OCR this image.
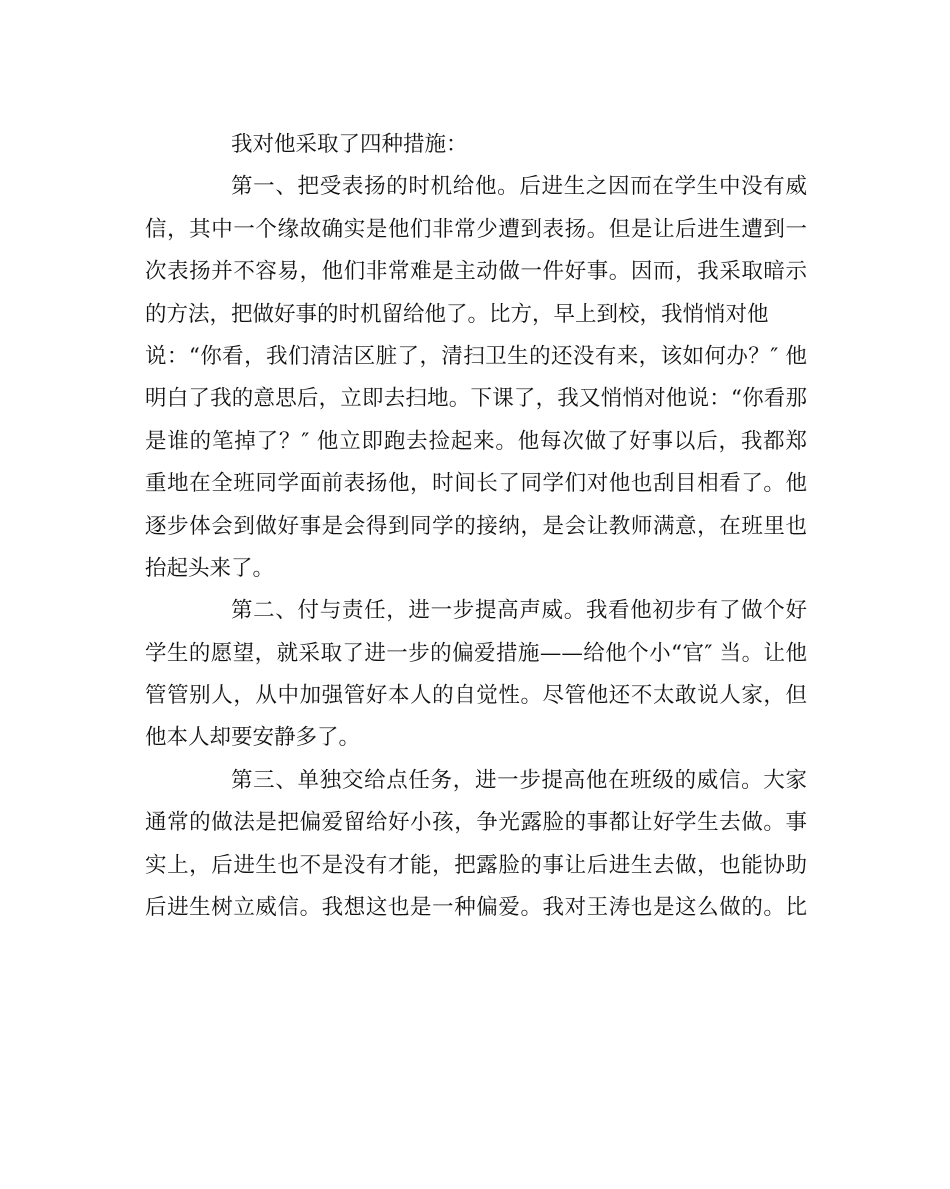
我对他采取了四种措施：
第一、把受表扬的时机给他。后进生之因而在学生中没有威
信，其中一个缘故确实是他们非常少遭到表扬。但是让后进生遭到一
次表扬并不容易，他们非常难是主动做一件好事。因而，我采取暗示
的方法，把做好事的时机留给他了。比方，早上到校，我悄悄对他
说：“你看，我们清洁区脏了，清扫卫生的还没有来，该如何办？″ 他
明白了我的意思后，立即去扫地。下课了，我又悄悄对他说：“你看那
是谁的笔掉了？″ 他立即跑去捡起来。他每次做了好事以后，我都郑
重地在全班同学面前表扬他，时间长了同学们对他也刮目相看了。他
逐步体会到做好事是会得到同学的接纳，是会让教师满意，在班里也
抬起头来了。
第二、付与责任，进一步提高声威。我看他初步有了做个好
学生的愿望，就采取了进一步的偏爱措施——给他个小“官″ 当。让他
管管别人，从中加强管好本人的自觉性。尽管他还不太敢说人家，但
他本人却要安静多了。
第三、单独交给点任务，进一步提高他在班级的威信。大家
通常的做法是把偏爱留给好小孩，争光露脸的事都让好学生去做。事
实上，后进生也不是没有才能，把露脸的事让后进生去做，也能协助
后进生树立威信。我想这也是一种偏爱。我对王涛也是这么做的。比
